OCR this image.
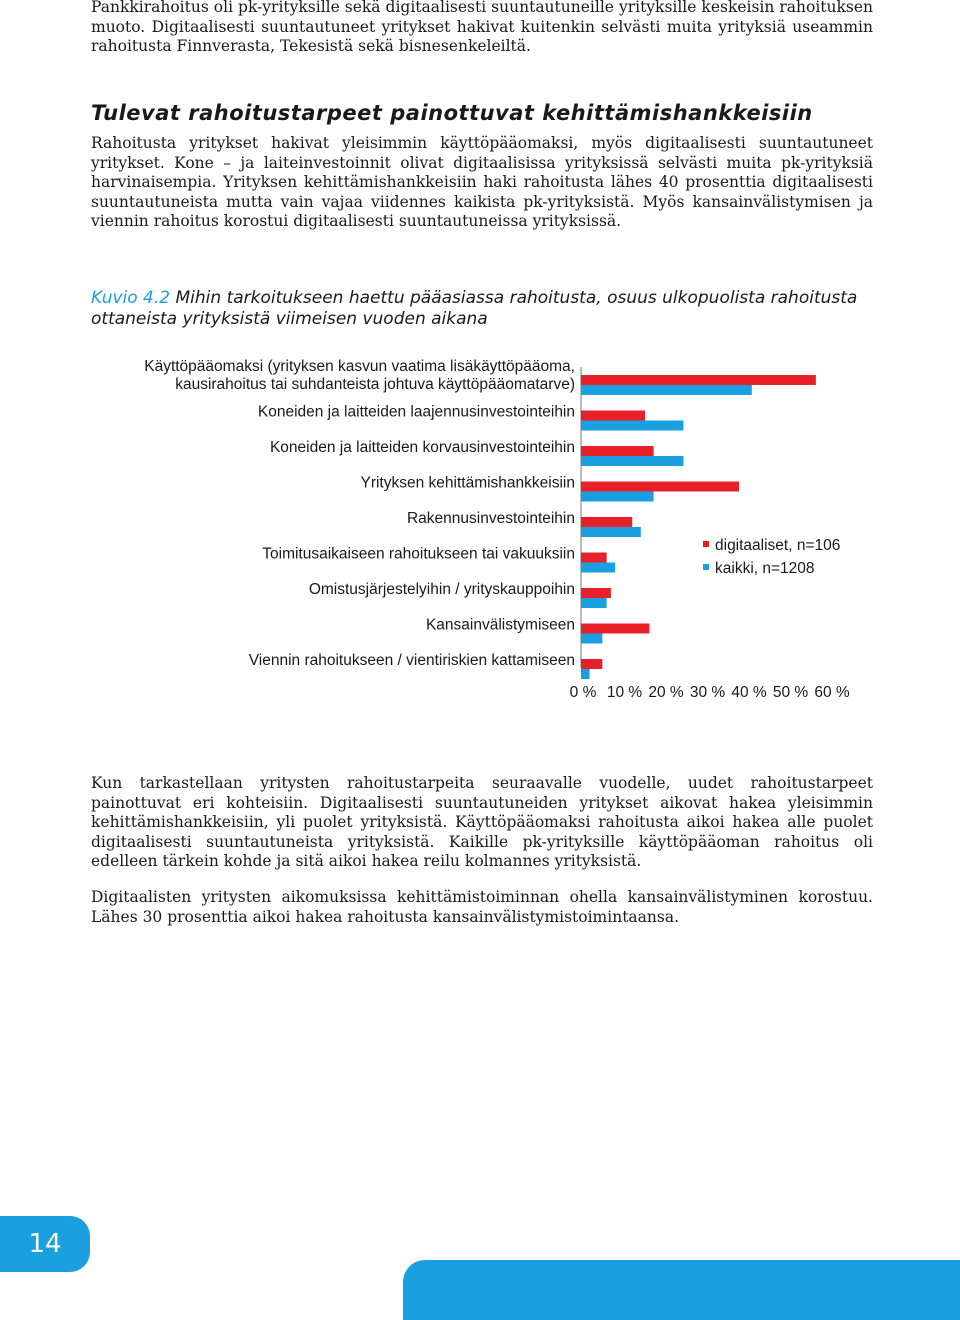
Pankkirahoitus oli pk-yrityksille sekä digitaalisesti suuntautuneille yrityksille keskeisin rahoituksen muoto. Digitaalisesti suuntautuneet yritykset hakivat kuitenkin selvästi muita yrityksiä useammin rahoitusta Finnverasta, Tekesistä sekä bisnesenkeleiltä.

Tulevat rahoitustarpeet painottuvat kehittämishankkeisiin

Rahoitusta yritykset hakivat yleisimmin käyttöpääomaksi, myös digitaalisesti suuntautuneet yritykset. Kone – ja laiteinvestoinnit olivat digitaalisissa yrityksissä selvästi muita pk-yrityksiä harvinaisempia. Yrityksen kehittämishankkeisiin haki rahoitusta lähes 40 prosenttia digitaalisesti suuntautuneista mutta vain vajaa viidennes kaikista pk-yrityksistä. Myös kansainvälistymisen ja viennin rahoitus korostui digitaalisesti suuntautuneissa yrityksissä.

Kuvio 4.2 Mihin tarkoitukseen haettu pääasiassa rahoitusta, osuus ulkopuolista rahoitusta ottaneista yrityksistä viimeisen vuoden aikana

Käyttöpääomaksi (yrityksen kasvun vaatima lisäkäyttöpääoma,
kausirahoitus tai suhdanteista johtuva käyttöpääomatarve)
Koneiden ja laitteiden laajennusinvestointeihin
Koneiden ja laitteiden korvausinvestointeihin
Yrityksen kehittämishankkeisiin
Rakennusinvestointeihin
Toimitusaikaiseen rahoitukseen tai vakuuksiin
Omistusjärjestelyihin / yrityskauppoihin
Kansainvälistymiseen
Viennin rahoitukseen / vientiriskien kattamiseen
0 % 10 % 20 % 30 % 40 % 50 % 60 %
digitaaliset, n=106
kaikki, n=1208

Kun tarkastellaan yritysten rahoitustarpeita seuraavalle vuodelle, uudet rahoitustarpeet painottuvat eri kohteisiin. Digitaalisesti suuntautuneiden yritykset aikovat hakea yleisimmin kehittämishankkeisiin, yli puolet yrityksistä. Käyttöpääomaksi rahoitusta aikoi hakea alle puolet digitaalisesti suuntautuneista yrityksistä. Kaikille pk-yrityksille käyttöpääoman rahoitus oli edelleen tärkein kohde ja sitä aikoi hakea reilu kolmannes yrityksistä.

Digitaalisten yritysten aikomuksissa kehittämistoiminnan ohella kansainvälistyminen korostuu. Lähes 30 prosenttia aikoi hakea rahoitusta kansainvälistymistoimintaansa.

14
